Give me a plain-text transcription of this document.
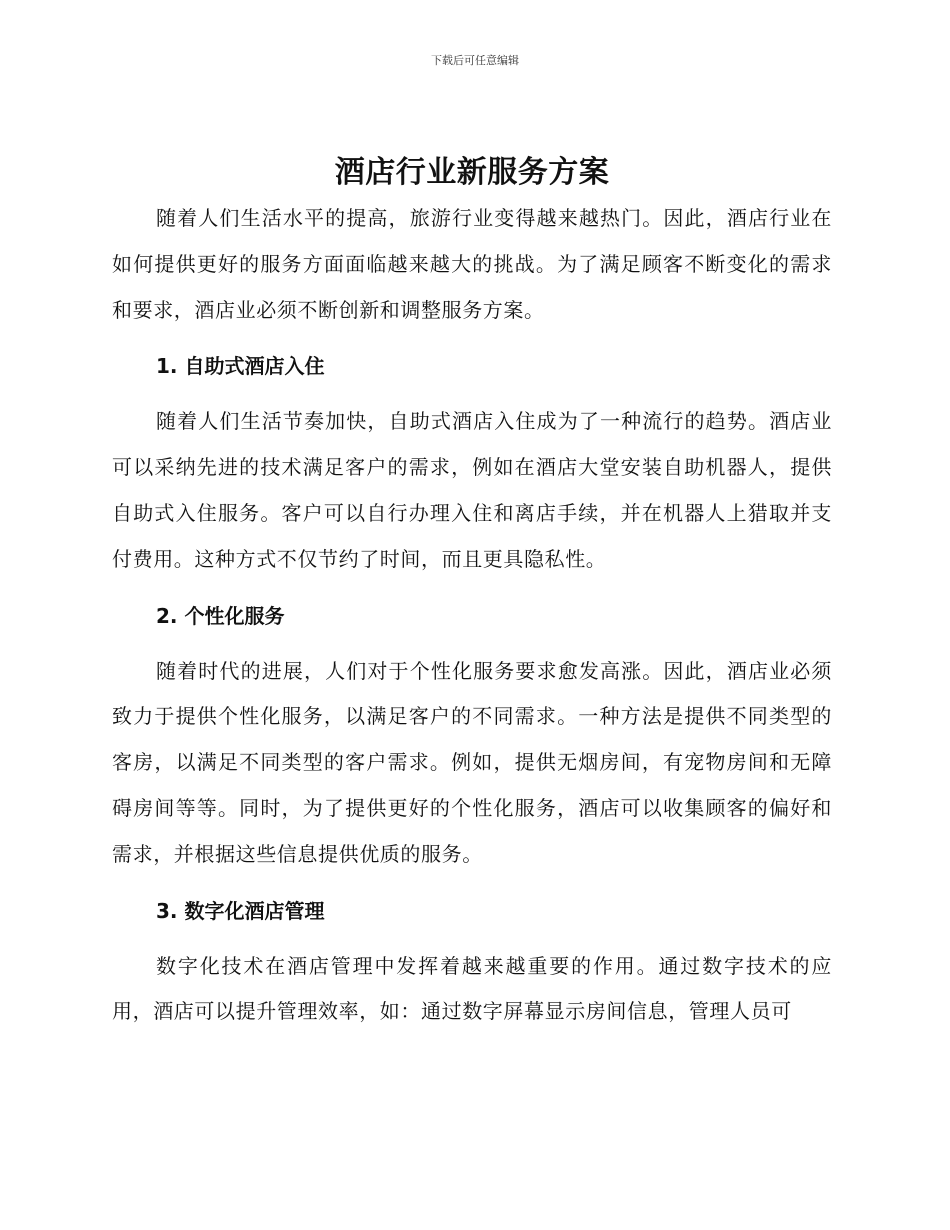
下载后可任意编辑
酒店行业新服务方案

随着人们生活水平的提高，旅游行业变得越来越热门。因此，酒店行业在如何提供更好的服务方面面临越来越大的挑战。为了满足顾客不断变化的需求和要求，酒店业必须不断创新和调整服务方案。

1. 自助式酒店入住

随着人们生活节奏加快，自助式酒店入住成为了一种流行的趋势。酒店业可以采纳先进的技术满足客户的需求，例如在酒店大堂安装自助机器人，提供自助式入住服务。客户可以自行办理入住和离店手续，并在机器人上猎取并支付费用。这种方式不仅节约了时间，而且更具隐私性。

2. 个性化服务

随着时代的进展，人们对于个性化服务要求愈发高涨。因此，酒店业必须致力于提供个性化服务，以满足客户的不同需求。一种方法是提供不同类型的客房，以满足不同类型的客户需求。例如，提供无烟房间，有宠物房间和无障碍房间等等。同时，为了提供更好的个性化服务，酒店可以收集顾客的偏好和需求，并根据这些信息提供优质的服务。

3. 数字化酒店管理

数字化技术在酒店管理中发挥着越来越重要的作用。通过数字技术的应用，酒店可以提升管理效率，如：通过数字屏幕显示房间信息，管理人员可
